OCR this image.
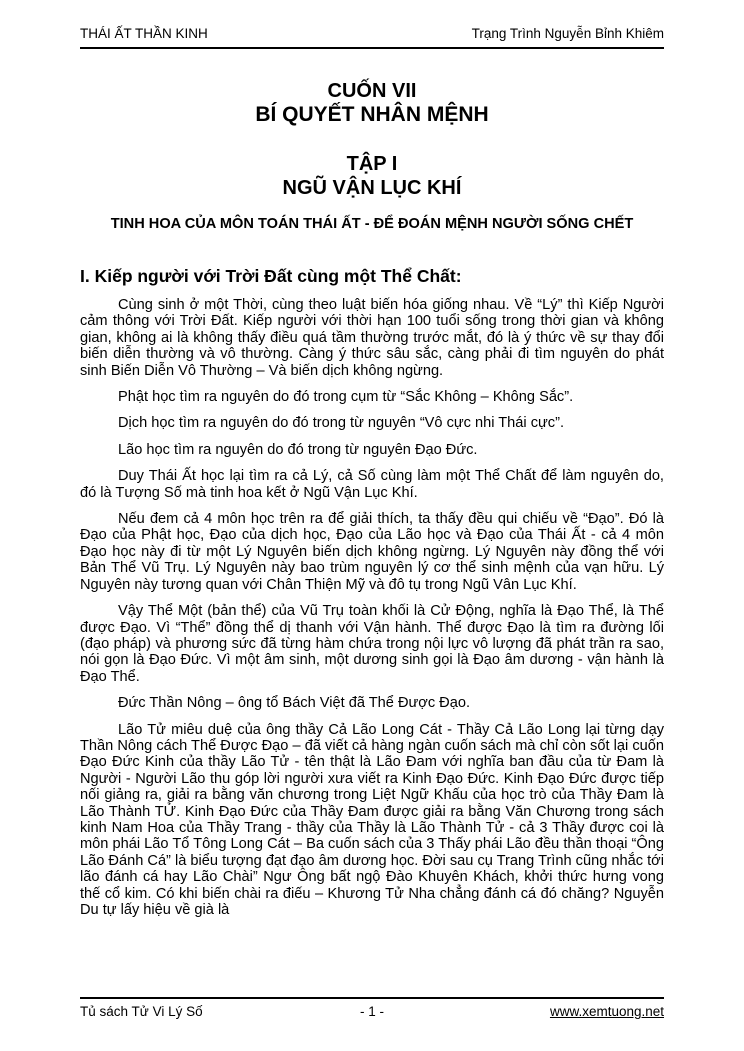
THÁI ẤT THẦN KINH	Trạng Trình Nguyễn Bỉnh Khiêm
CUỐN VII
BÍ QUYẾT NHÂN MỆNH
TẬP I
NGŨ VẬN LỤC KHÍ
TINH HOA CỦA MÔN TOÁN THÁI ẤT - ĐỂ ĐOÁN MỆNH NGƯỜI SỐNG CHẾT
I. Kiếp người với Trời Đất cùng một Thể Chất:

Cùng sinh ở một Thời, cùng theo luật biến hóa giống nhau. Về “Lý” thì Kiếp Người cảm thông với Trời Đất. Kiếp người với thời hạn 100 tuổi sống trong thời gian và không gian, không ai là không thấy điều quá tầm thường trước mắt, đó là ý thức về sự thay đổi biến diễn thường và vô thường. Càng ý thức sâu sắc, càng phải đi tìm nguyên do phát sinh Biến Diễn Vô Thường – Và biến dịch không ngừng.

Phật học tìm ra nguyên do đó trong cụm từ “Sắc Không – Không Sắc”.

Dịch học tìm ra nguyên do đó trong từ nguyên “Vô cực nhi Thái cực”.

Lão học tìm ra nguyên do đó trong từ nguyên Đạo Đức.

Duy Thái Ất học lại tìm ra cả Lý, cả Số cùng làm một Thể Chất để làm nguyên do, đó là Tượng Số mà tinh hoa kết ở Ngũ Vận Lục Khí.

Nếu đem cả 4 môn học trên ra để giải thích, ta thấy đều qui chiếu về “Đạo”. Đó là Đạo của Phật học, Đạo của dịch học, Đạo của Lão học và Đạo của Thái Ất - cả 4 môn Đạo học này đi từ một Lý Nguyên biến dịch không ngừng. Lý Nguyên này đồng thể với Bản Thể Vũ Trụ. Lý Nguyên này bao trùm nguyên lý cơ thể sinh mệnh của vạn hữu. Lý Nguyên này tương quan với Chân Thiện Mỹ và đô tụ trong Ngũ Vân Lục Khí.

Vậy Thể Một (bản thể) của Vũ Trụ toàn khối là Cử Động, nghĩa là Đạo Thể, là Thể được Đạo. Vì “Thể” đồng thể dị thanh với Vận hành. Thể được Đạo là tìm ra đường lối (đạo pháp) và phương sức đã từng hàm chứa trong nội lực vô lượng đã phát trần ra sao, nói gọn là Đạo Đức. Vì một âm sinh, một dương sinh gọi là Đạo âm dương - vận hành là Đạo Thể.

Đức Thần Nông – ông tổ Bách Việt đã Thể Được Đạo.

Lão Tử miêu duệ của ông thầy Cả Lão Long Cát - Thầy Cả Lão Long lại từng dạy Thần Nông cách Thể Được Đạo – đã viết cả hàng ngàn cuốn sách mà chỉ còn sốt lại cuốn Đạo Đức Kinh của thầy Lão Tử - tên thật là Lão Đam với nghĩa ban đầu của từ Đam là Người - Người Lão thu góp lời người xưa viết ra Kinh Đạo Đức. Kinh Đạo Đức được tiếp nối giảng ra, giải ra bằng văn chương trong Liệt Ngữ Khấu của học trò của Thầy Đam là Lão Thành TỬ. Kinh Đạo Đức của Thầy Đam được giải ra bằng Văn Chương trong sách kinh Nam Hoa của Thầy Trang - thầy của Thầy là Lão Thành Tử - cả 3 Thầy được coi là môn phái Lão Tổ Tông Long Cát – Ba cuốn sách của 3 Thấy phái Lão đều thần thoại “Ông Lão Đánh Cá” là biểu tượng đạt đạo âm dương học. Đời sau cụ Trang Trình cũng nhắc tới lão đánh cá hay Lão Chài” Ngư Ông bất ngộ Đào Khuyên Khách, khởi thức hưng vong thế cổ kim. Có khi biến chài ra điếu – Khương Tử Nha chẳng đánh cá đó chăng? Nguyễn Du tự lấy hiệu về già là

Tủ sách Tử Vi Lý Số	- 1 -	www.xemtuong.net
